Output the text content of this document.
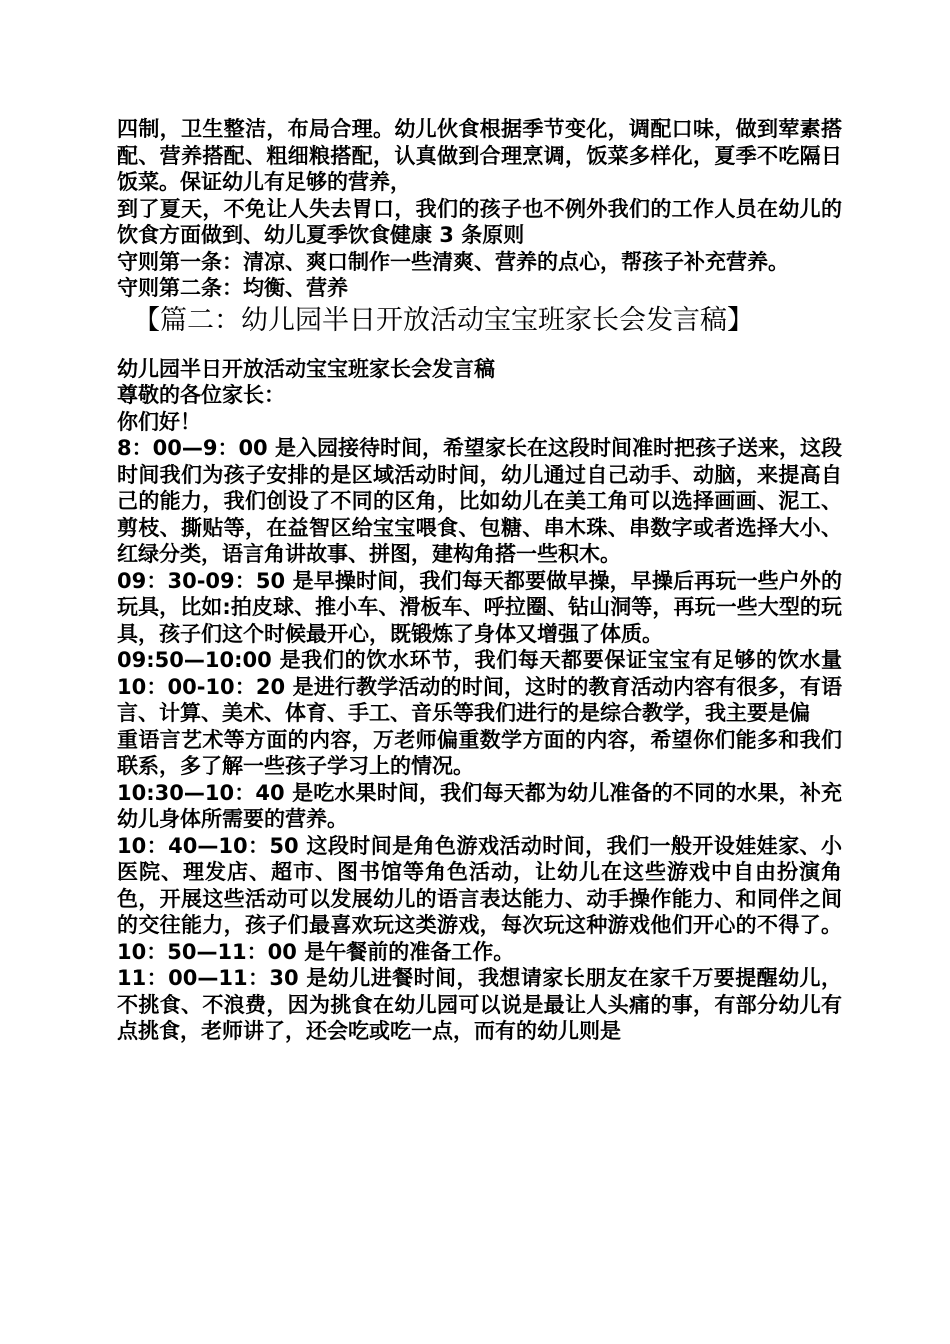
四制，卫生整洁，布局合理。幼儿伙食根据季节变化，调配口味，做到荤素搭配、营养搭配、粗细粮搭配，认真做到合理烹调，饭菜多样化，夏季不吃隔日饭菜。保证幼儿有足够的营养，

到了夏天，不免让人失去胃口，我们的孩子也不例外我们的工作人员在幼儿的饮食方面做到、幼儿夏季饮食健康 3 条原则

守则第一条：清凉、爽口制作一些清爽、营养的点心，帮孩子补充营养。

守则第二条：均衡、营养

【篇二：幼儿园半日开放活动宝宝班家长会发言稿】

幼儿园半日开放活动宝宝班家长会发言稿

尊敬的各位家长：

你们好！

8：00—9：00 是入园接待时间，希望家长在这段时间准时把孩子送来，这段时间我们为孩子安排的是区域活动时间，幼儿通过自己动手、动脑，来提高自己的能力，我们创设了不同的区角，比如幼儿在美工角可以选择画画、泥工、剪枝、撕贴等，在益智区给宝宝喂食、包糖、串木珠、串数字或者选择大小、红绿分类，语言角讲故事、拼图，建构角搭一些积木。

09：30-09：50 是早操时间，我们每天都要做早操，早操后再玩一些户外的玩具，比如:拍皮球、推小车、滑板车、呼拉圈、钻山洞等，再玩一些大型的玩具，孩子们这个时候最开心，既锻炼了身体又增强了体质。

09:50—10:00 是我们的饮水环节，我们每天都要保证宝宝有足够的饮水量 10：00-10：20 是进行教学活动的时间，这时的教育活动内容有很多，有语言、计算、美术、体育、手工、音乐等我们进行的是综合教学，我主要是偏

重语言艺术等方面的内容，万老师偏重数学方面的内容，希望你们能多和我们联系，多了解一些孩子学习上的情况。

10:30—10：40 是吃水果时间，我们每天都为幼儿准备的不同的水果，补充幼儿身体所需要的营养。

10：40—10：50 这段时间是角色游戏活动时间，我们一般开设娃娃家、小医院、理发店、超市、图书馆等角色活动，让幼儿在这些游戏中自由扮演角色，开展这些活动可以发展幼儿的语言表达能力、动手操作能力、和同伴之间的交往能力，孩子们最喜欢玩这类游戏，每次玩这种游戏他们开心的不得了。10：50—11：00 是午餐前的准备工作。

11：00—11：30 是幼儿进餐时间，我想请家长朋友在家千万要提醒幼儿，不挑食、不浪费，因为挑食在幼儿园可以说是最让人头痛的事，有部分幼儿有点挑食，老师讲了，还会吃或吃一点，而有的幼儿则是
